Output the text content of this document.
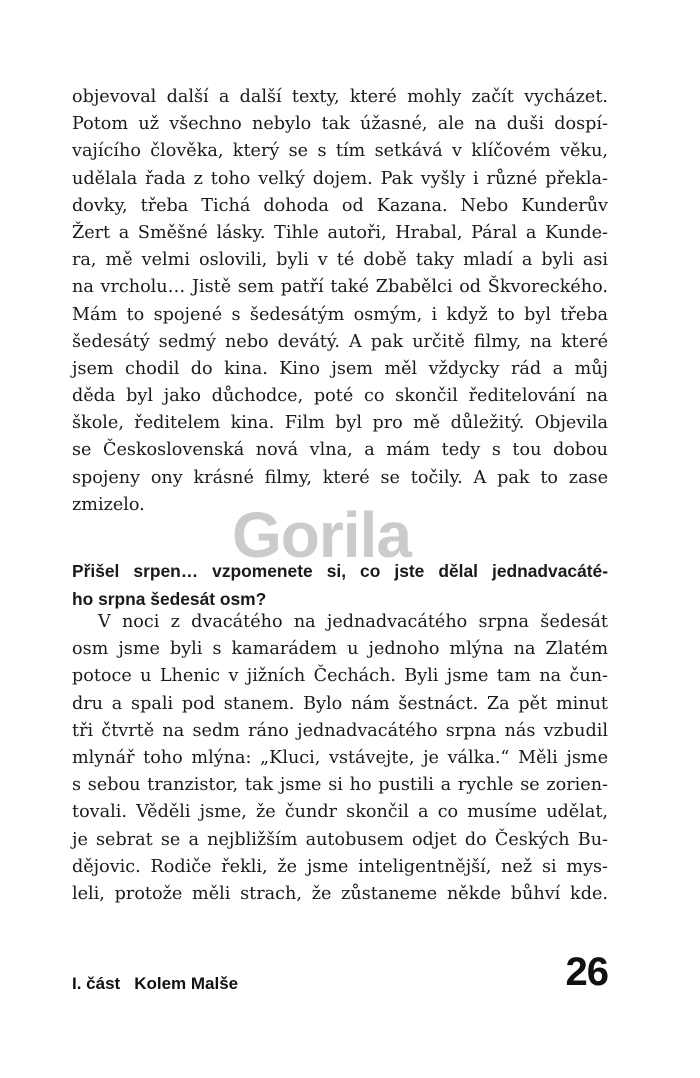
objevoval další a další texty, které mohly začít vycházet.
Potom už všechno nebylo tak úžasné, ale na duši dospí-
vajícího člověka, který se s tím setkává v klíčovém věku,
udělala řada z toho velký dojem. Pak vyšly i různé překla-
dovky, třeba Tichá dohoda od Kazana. Nebo Kunderův
Žert a Směšné lásky. Tihle autoři, Hrabal, Páral a Kunde-
ra, mě velmi oslovili, byli v té době taky mladí a byli asi
na vrcholu… Jistě sem patří také Zbabělci od Škvoreckého.
Mám to spojené s šedesátým osmým, i když to byl třeba
šedesátý sedmý nebo devátý. A pak určitě filmy, na které
jsem chodil do kina. Kino jsem měl vždycky rád a můj
děda byl jako důchodce, poté co skončil ředitelování na
škole, ředitelem kina. Film byl pro mě důležitý. Objevila
se Československá nová vlna, a mám tedy s tou dobou
spojeny ony krásné filmy, které se točily. A pak to zase
zmizelo.	Gorila
Přišel srpen… vzpomenete si, co jste dělal jednadvacáté-
ho srpna šedesát osm?
V noci z dvacátého na jednadvacátého srpna šedesát
osm jsme byli s kamarádem u jednoho mlýna na Zlatém
potoce u Lhenic v jižních Čechách. Byli jsme tam na čun-
dru a spali pod stanem. Bylo nám šestnáct. Za pět minut
tři čtvrtě na sedm ráno jednadvacátého srpna nás vzbudil
mlynář toho mlýna: „Kluci, vstávejte, je válka.“ Měli jsme
s sebou tranzistor, tak jsme si ho pustili a rychle se zorien-
tovali. Věděli jsme, že čundr skončil a co musíme udělat,
je sebrat se a nejbližším autobusem odjet do Českých Bu-
dějovic. Rodiče řekli, že jsme inteligentnější, než si mys-
leli, protože měli strach, že zůstaneme někde bůhví kde.
I. část Kolem Malše	26
